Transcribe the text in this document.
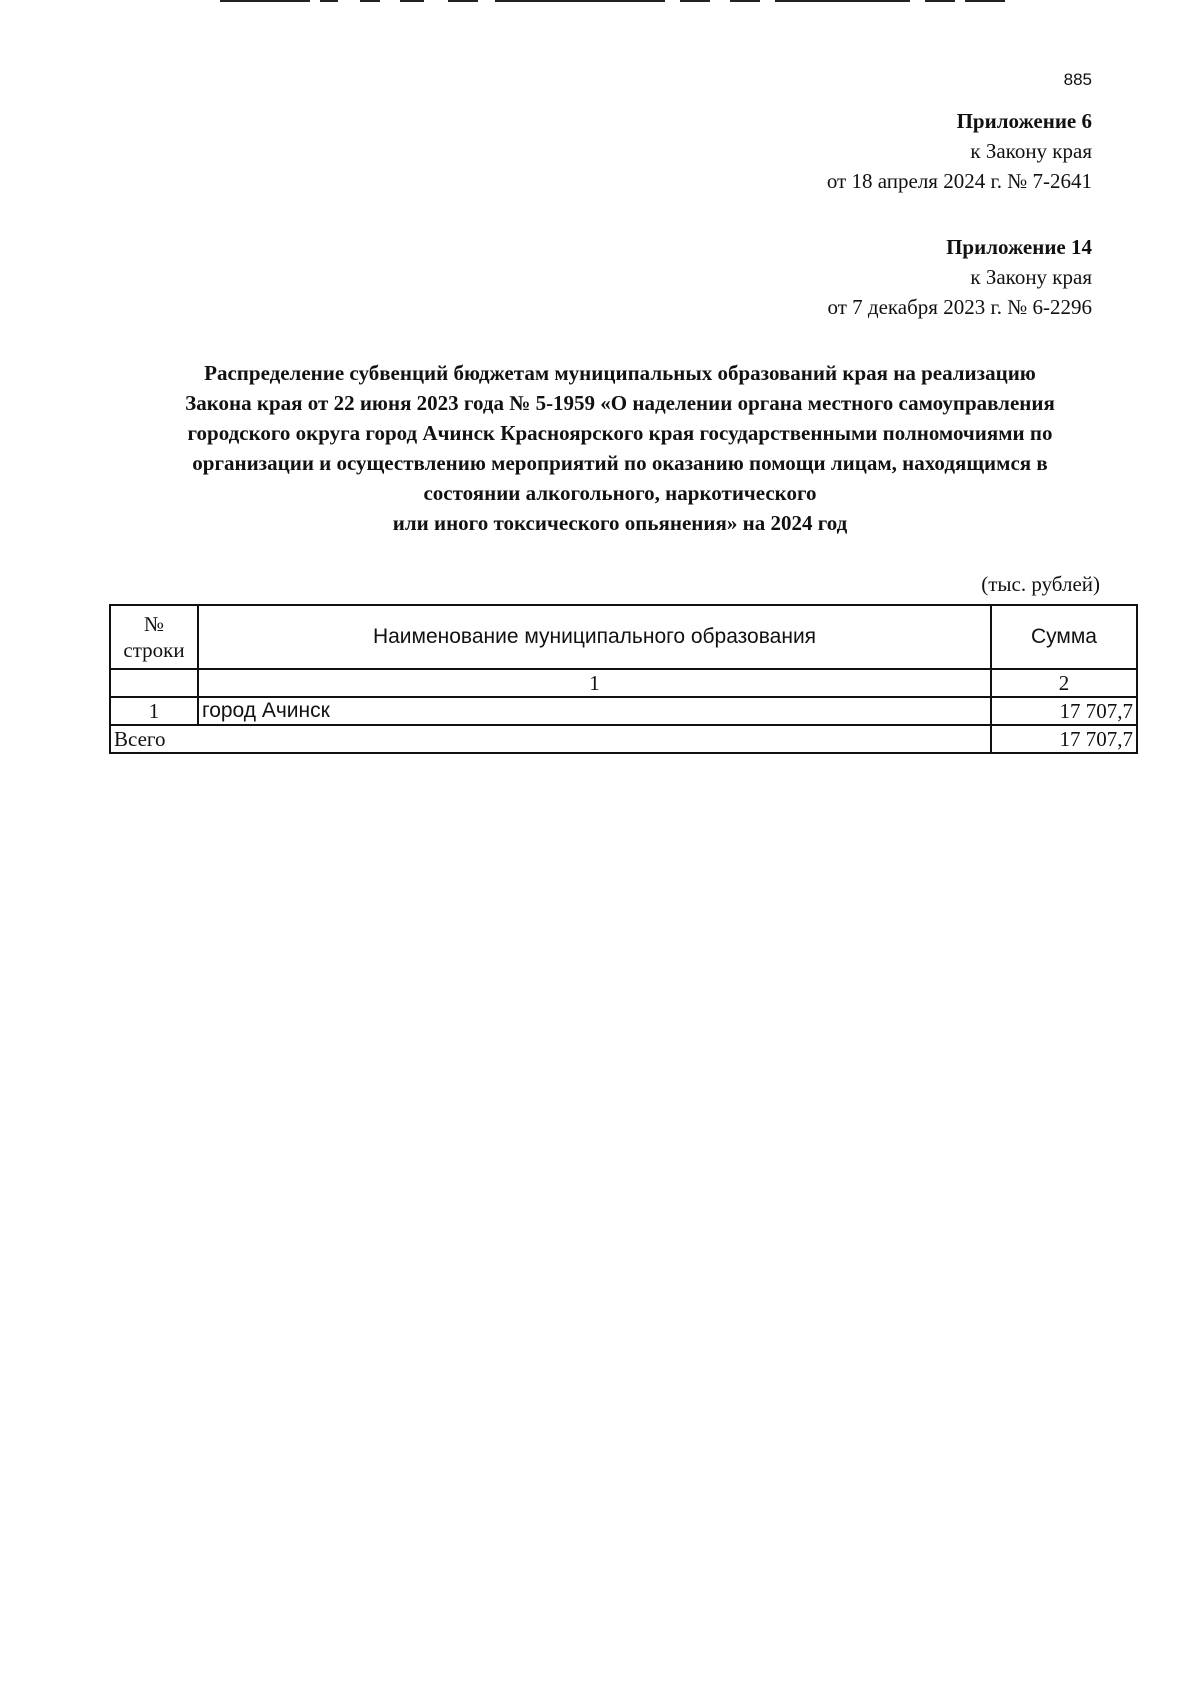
885
Приложение 6
к Закону края
от 18 апреля 2024 г. № 7-2641
Приложение 14
к Закону края
от 7 декабря 2023 г. № 6-2296
Распределение субвенций бюджетам муниципальных образований края на реализацию
Закона края от 22 июня 2023 года № 5-1959 «О наделении органа местного самоуправления
городского округа город Ачинск Красноярского края государственными полномочиями по
организации и осуществлению мероприятий по оказанию помощи лицам, находящимся в
состоянии алкогольного, наркотического
или иного токсического опьянения» на 2024 год
(тыс. рублей)
№
строки	Наименование муниципального образования	Сумма
	1	2
1	город Ачинск	17 707,7
Всего		17 707,7
